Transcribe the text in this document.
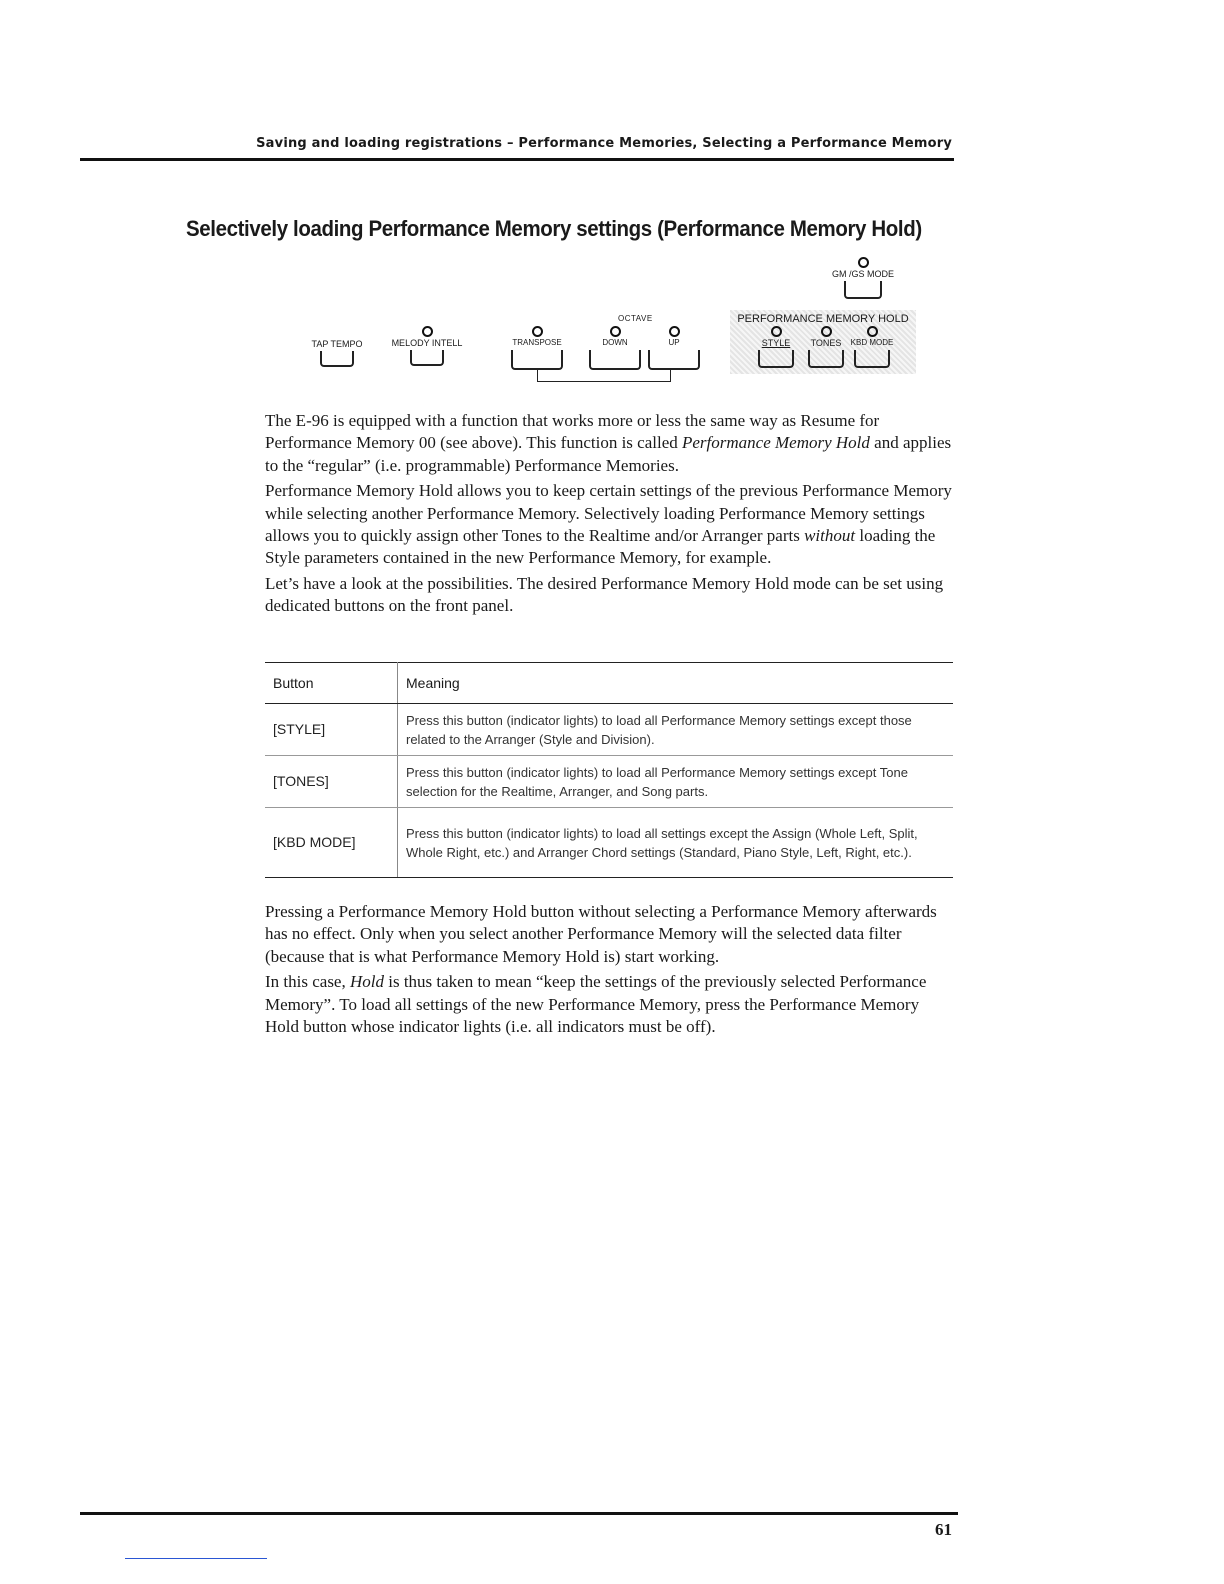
Saving and loading registrations – Performance Memories, Selecting a Performance Memory
Selectively loading Performance Memory settings (Performance Memory Hold)
GM /GS MODE
TAP TEMPO	MELODY INTELL
OCTAVE
TRANSPOSE	DOWN	UP
PERFORMANCE MEMORY HOLD
STYLE	TONES	KBD MODE

The E-96 is equipped with a function that works more or less the same way as Resume for Performance Memory 00 (see above). This function is called Performance Memory Hold and applies to the “regular” (i.e. programmable) Performance Memories.

Performance Memory Hold allows you to keep certain settings of the previous Performance Memory while selecting another Performance Memory. Selectively loading Performance Memory settings allows you to quickly assign other Tones to the Realtime and/or Arranger parts without loading the Style parameters contained in the new Performance Memory, for example.

Let’s have a look at the possibilities. The desired Performance Memory Hold mode can be set using dedicated buttons on the front panel.

Button	Meaning
[STYLE]	Press this button (indicator lights) to load all Performance Memory settings except those related to the Arranger (Style and Division).
[TONES]	Press this button (indicator lights) to load all Performance Memory settings except Tone selection for the Realtime, Arranger, and Song parts.
[KBD MODE]	Press this button (indicator lights) to load all settings except the Assign (Whole Left, Split, Whole Right, etc.) and Arranger Chord settings (Standard, Piano Style, Left, Right, etc.).

Pressing a Performance Memory Hold button without selecting a Performance Memory afterwards has no effect. Only when you select another Performance Memory will the selected data filter (because that is what Performance Memory Hold is) start working.

In this case, Hold is thus taken to mean “keep the settings of the previously selected Performance Memory”. To load all settings of the new Performance Memory, press the Performance Memory Hold button whose indicator lights (i.e. all indicators must be off).

61
